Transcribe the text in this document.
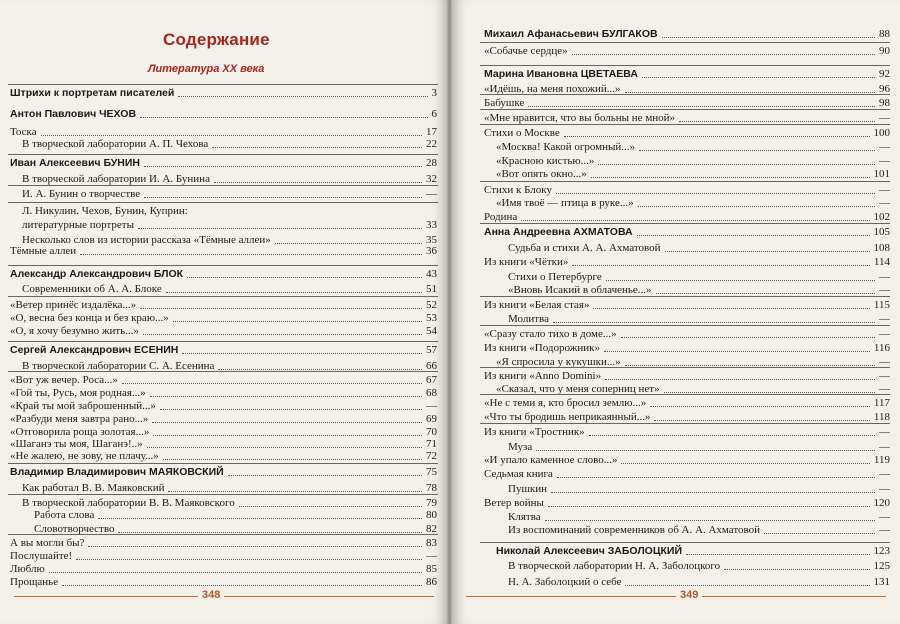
Содержание
Литература XX века
Штрихи к портретам писателей	3
Антон Павлович ЧЕХОВ	6
Тоска	17
В творческой лаборатории А. П. Чехова	22
Иван Алексеевич БУНИН	28
В творческой лаборатории И. А. Бунина	32
И. А. Бунин о творчестве	—
Л. Никулин. Чехов, Бунин, Куприн:
литературные портреты	33
Несколько слов из истории рассказа «Тёмные аллеи»	35
Тёмные аллеи	36
Александр Александрович БЛОК	43
Современники об А. А. Блоке	51
«Ветер принёс издалёка...»	52
«О, весна без конца и без краю...»	53
«О, я хочу безумно жить...»	54
Сергей Александрович ЕСЕНИН	57
В творческой лаборатории С. А. Есенина	66
«Вот уж вечер. Роса...»	67
«Гой ты, Русь, моя родная...»	68
«Край ты мой заброшенный...»	—
«Разбуди меня завтра рано...»	69
«Отговорила роща золотая...»	70
«Шаганэ ты моя, Шаганэ!..»	71
«Не жалею, не зову, не плачу...»	72
Владимир Владимирович МАЯКОВСКИЙ	75
Как работал В. В. Маяковский	78
В творческой лаборатории В. В. Маяковского	79
Работа слова	80
Словотворчество	82
А вы могли бы?	83
Послушайте!	—
Люблю	85
Прощанье	86
348
Михаил Афанасьевич БУЛГАКОВ	88
«Собачье сердце»	90
Марина Ивановна ЦВЕТАЕВА	92
«Идёшь, на меня похожий...»	96
Бабушке	98
«Мне нравится, что вы больны не мной»	—
Стихи о Москве	100
«Москва! Какой огромный...»	—
«Красною кистью...»	—
«Вот опять окно...»	101
Стихи к Блоку	—
«Имя твоё — птица в руке...»	—
Родина	102
Анна Андреевна АХМАТОВА	105
Судьба и стихи А. А. Ахматовой	108
Из книги «Чётки»	114
Стихи о Петербурге	—
«Вновь Исакий в облаченье...»	—
Из книги «Белая стая»	115
Молитва	—
«Сразу стало тихо в доме...»	—
Из книги «Подорожник»	116
«Я спросила у кукушки...»	—
Из книги «Anno Domini»	—
«Сказал, что у меня соперниц нет»	—
«Не с теми я, кто бросил землю...»	117
«Что ты бродишь неприкаянный...»	118
Из книги «Тростник»	—
Муза	—
«И упало каменное слово...»	119
Седьмая книга	—
Пушкин	—
Ветер войны	120
Клятва	—
Из воспоминаний современников об А. А. Ахматовой	—
Николай Алексеевич ЗАБОЛОЦКИЙ	123
В творческой лаборатории Н. А. Заболоцкого	125
Н. А. Заболоцкий о себе	131
349
